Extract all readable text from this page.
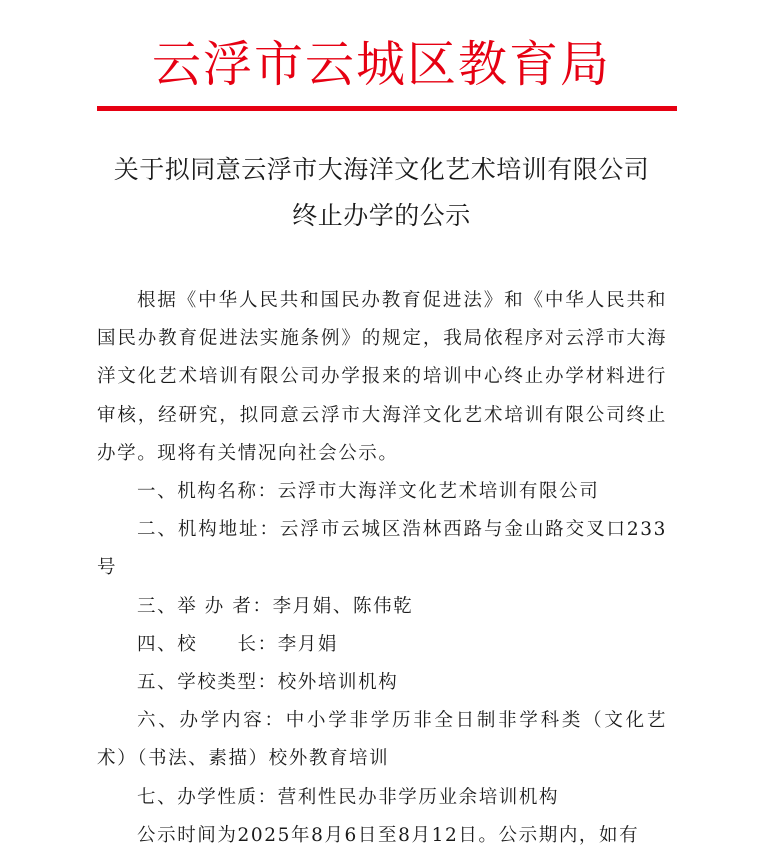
云浮市云城区教育局
关于拟同意云浮市大海洋文化艺术培训有限公司
终止办学的公示

根据《中华人民共和国民办教育促进法》和《中华人民共和国民办教育促进法实施条例》的规定，我局依程序对云浮市大海洋文化艺术培训有限公司办学报来的培训中心终止办学材料进行审核，经研究，拟同意云浮市大海洋文化艺术培训有限公司终止办学。现将有关情况向社会公示。

一、机构名称：云浮市大海洋文化艺术培训有限公司

二、机构地址：云浮市云城区浩林西路与金山路交叉口233号

三、举 办 者：李月娟、陈伟乾

四、校　　长：李月娟

五、学校类型：校外培训机构

六、办学内容：中小学非学历非全日制非学科类（文化艺术）（书法、素描）校外教育培训

七、办学性质：营利性民办非学历业余培训机构

公示时间为2025年8月6日至8月12日。公示期内，如有
